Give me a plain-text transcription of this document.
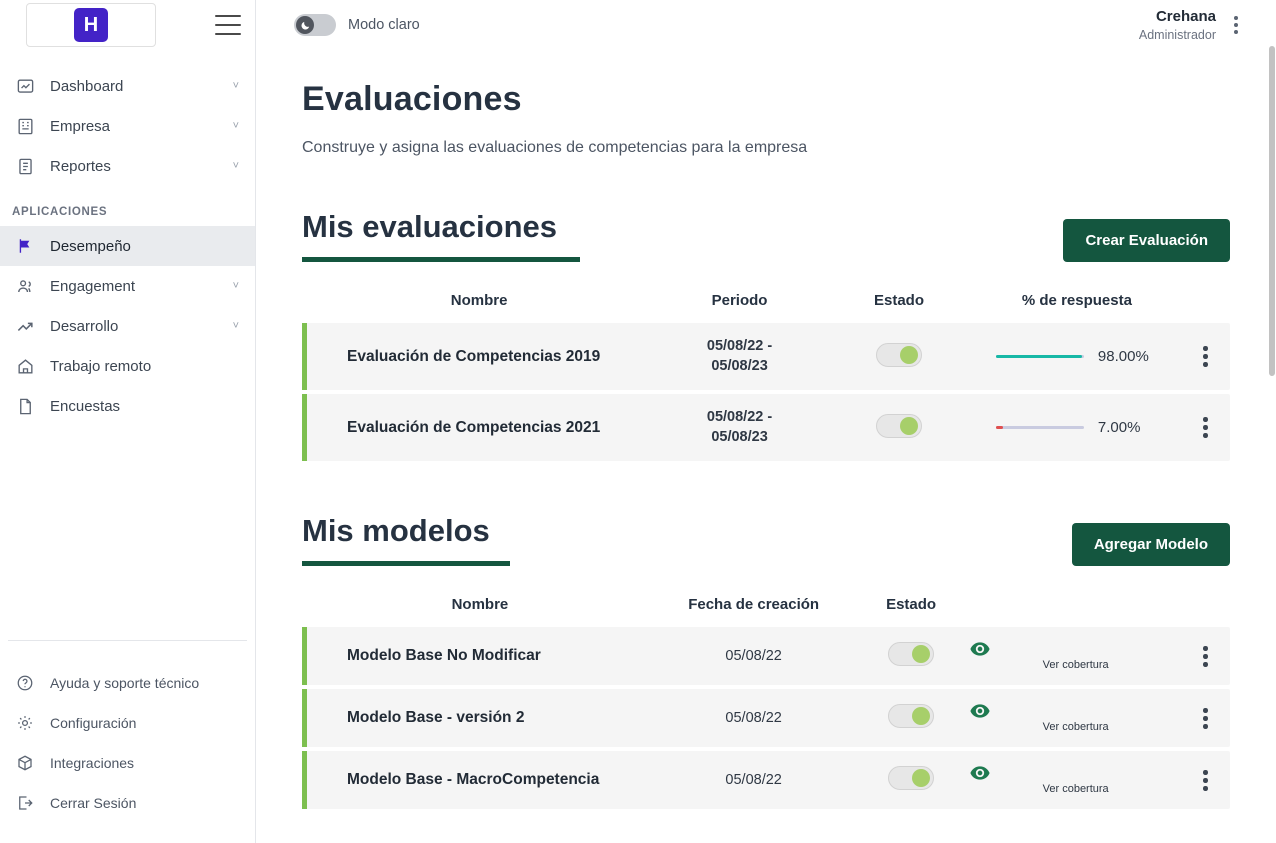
H
Dashboard	˅
Empresa	˅
Reportes	˅
APLICACIONES
Desempeño
Engagement	˅
Desarrollo	˅
Trabajo remoto
Encuestas
Ayuda y soporte técnico
Configuración
Integraciones
Cerrar Sesión
Modo claro	Crehana
Administrador
Evaluaciones
Construye y asigna las evaluaciones de competencias para la empresa
Mis evaluaciones	Crear Evaluación
Nombre	Periodo	Estado	% de respuesta	
Evaluación de Competencias 2019	05/08/22 -
05/08/23		98.00%	

Evaluación de Competencias 2021	05/08/22 -
05/08/23		7.00%	

Mis modelos	Agregar Modelo
Nombre	Fecha de creación	Estado		
Modelo Base No Modificar	05/08/22		Ver cobertura	

Modelo Base - versión 2	05/08/22		Ver cobertura	

Modelo Base - MacroCompetencia	05/08/22		Ver cobertura	
